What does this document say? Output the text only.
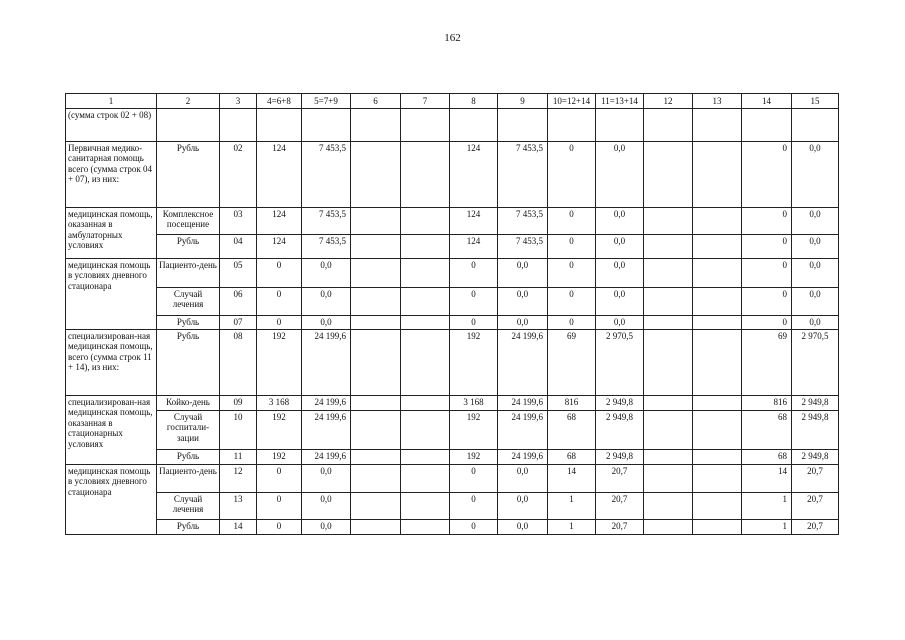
162
1	2	3	4=6+8	5=7+9	6	7	8	9	10=12+14	11=13+14	12	13	14	15
(сумма строк 02 + 08)														
Первичная медико-санитарная помощь всего (сумма строк 04 + 07), из них:	Рубль	02	124	7 453,5			124	7 453,5	0	0,0			0	0,0
медицинская помощь, оказанная в амбулаторных условиях	Комплексное посещение	03	124	7 453,5			124	7 453,5	0	0,0			0	0,0
	Рубль	04	124	7 453,5			124	7 453,5	0	0,0			0	0,0
медицинская помощь в условиях дневного стационара	Пациенто-день	05	0	0,0			0	0,0	0	0,0			0	0,0
	Случай лечения	06	0	0,0			0	0,0	0	0,0			0	0,0
	Рубль	07	0	0,0			0	0,0	0	0,0			0	0,0
специализирован-ная медицинская помощь, всего (сумма строк 11 + 14), из них:	Рубль	08	192	24 199,6			192	24 199,6	69	2 970,5			69	2 970,5
специализирован-ная медицинская помощь, оказанная в стационарных условиях	Койко-день	09	3 168	24 199,6			3 168	24 199,6	816	2 949,8			816	2 949,8
	Случай госпитали-зации	10	192	24 199,6			192	24 199,6	68	2 949,8			68	2 949,8
	Рубль	11	192	24 199,6			192	24 199,6	68	2 949,8			68	2 949,8
медицинская помощь в условиях дневного стационара	Пациенто-день	12	0	0,0			0	0,0	14	20,7			14	20,7
	Случай лечения	13	0	0,0			0	0,0	1	20,7			1	20,7
	Рубль	14	0	0,0			0	0,0	1	20,7			1	20,7
